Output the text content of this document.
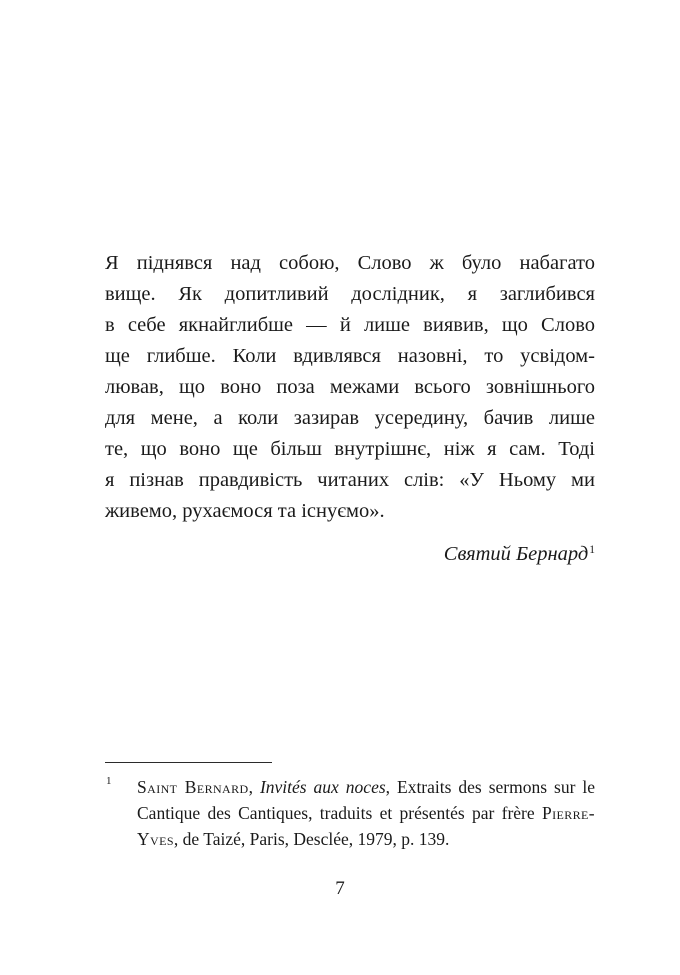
Я піднявся над собою, Слово ж було набагато
вище. Як допитливий дослідник, я заглибився
в себе якнайглибше — й лише виявив, що Слово
ще глибше. Коли вдивлявся назовні, то усвідом-
лював, що воно поза межами всього зовнішнього
для мене, а коли зазирав усередину, бачив лише
те, що воно ще більш внутрішнє, ніж я сам. Тоді
я пізнав правдивість читаних слів: «У Ньому ми
живемо, рухаємося та існуємо».
Святий Бернард$^1$
1 Saint Bernard, Invités aux noces, Extraits des sermons sur le Cantique des Cantiques, traduits et présentés par frère Pierre-Yves, de Taizé, Paris, Desclée, 1979, p. 139.
7
